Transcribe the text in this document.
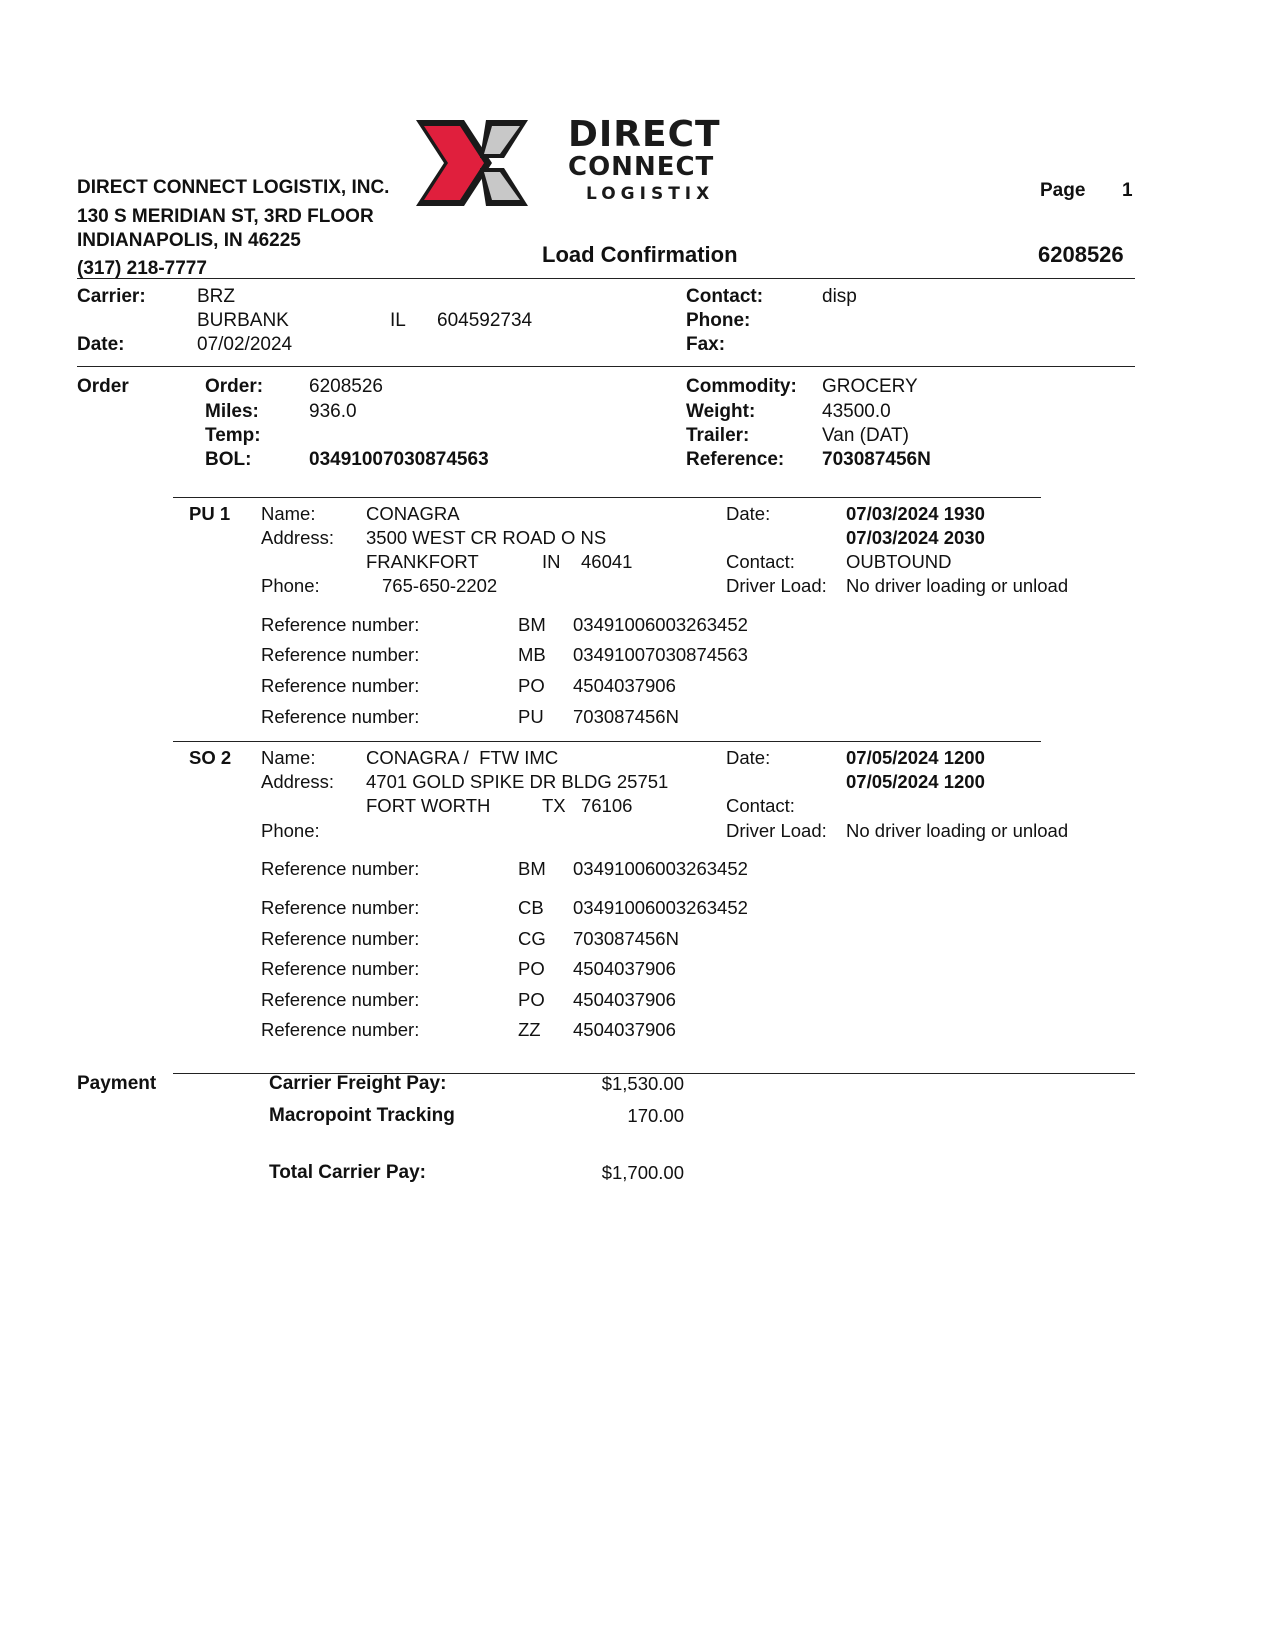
DIRECT
CONNECT
LOGISTIX
DIRECT CONNECT LOGISTIX, INC.
130 S MERIDIAN ST, 3RD FLOOR
INDIANAPOLIS, IN 46225
(317) 218-7777
Page 1
Load Confirmation	6208526
Carrier:	BRZ
BURBANK	IL 604592734
Date:	07/02/2024
Contact:	disp
Phone:
Fax:
Order	Order: 6208526
Miles:	936.0
Temp:
BOL:	03491007030874563
Commodity: GROCERY
Weight:	43500.0
Trailer:	Van (DAT)
Reference: 703087456N
PU 1 Name:	CONAGRA
Address: 3500 WEST CR ROAD O NS
FRANKFORT	IN 46041
Phone:	765-650-2202
Date:	07/03/2024 1930
07/03/2024 2030
Contact:	OUBTOUND
Driver Load: No driver loading or unload
Reference number:	BM 03491006003263452
Reference number:	MB 03491007030874563
Reference number:	PO 4504037906
Reference number:	PU 703087456N
SO 2 Name:	CONAGRA /  FTW IMC
Address: 4701 GOLD SPIKE DR BLDG 25751
FORT WORTH	TX 76106
Phone:
Date:	07/05/2024 1200
07/05/2024 1200
Contact:
Driver Load: No driver loading or unload
Reference number:	BM 03491006003263452
Reference number:	CB 03491006003263452
Reference number:	CG 703087456N
Reference number:	PO 4504037906
Reference number:	PO 4504037906
Reference number:	ZZ 4504037906
Payment	Carrier Freight Pay:	$1,530.00
Macropoint Tracking	170.00
Total Carrier Pay:	$1,700.00
